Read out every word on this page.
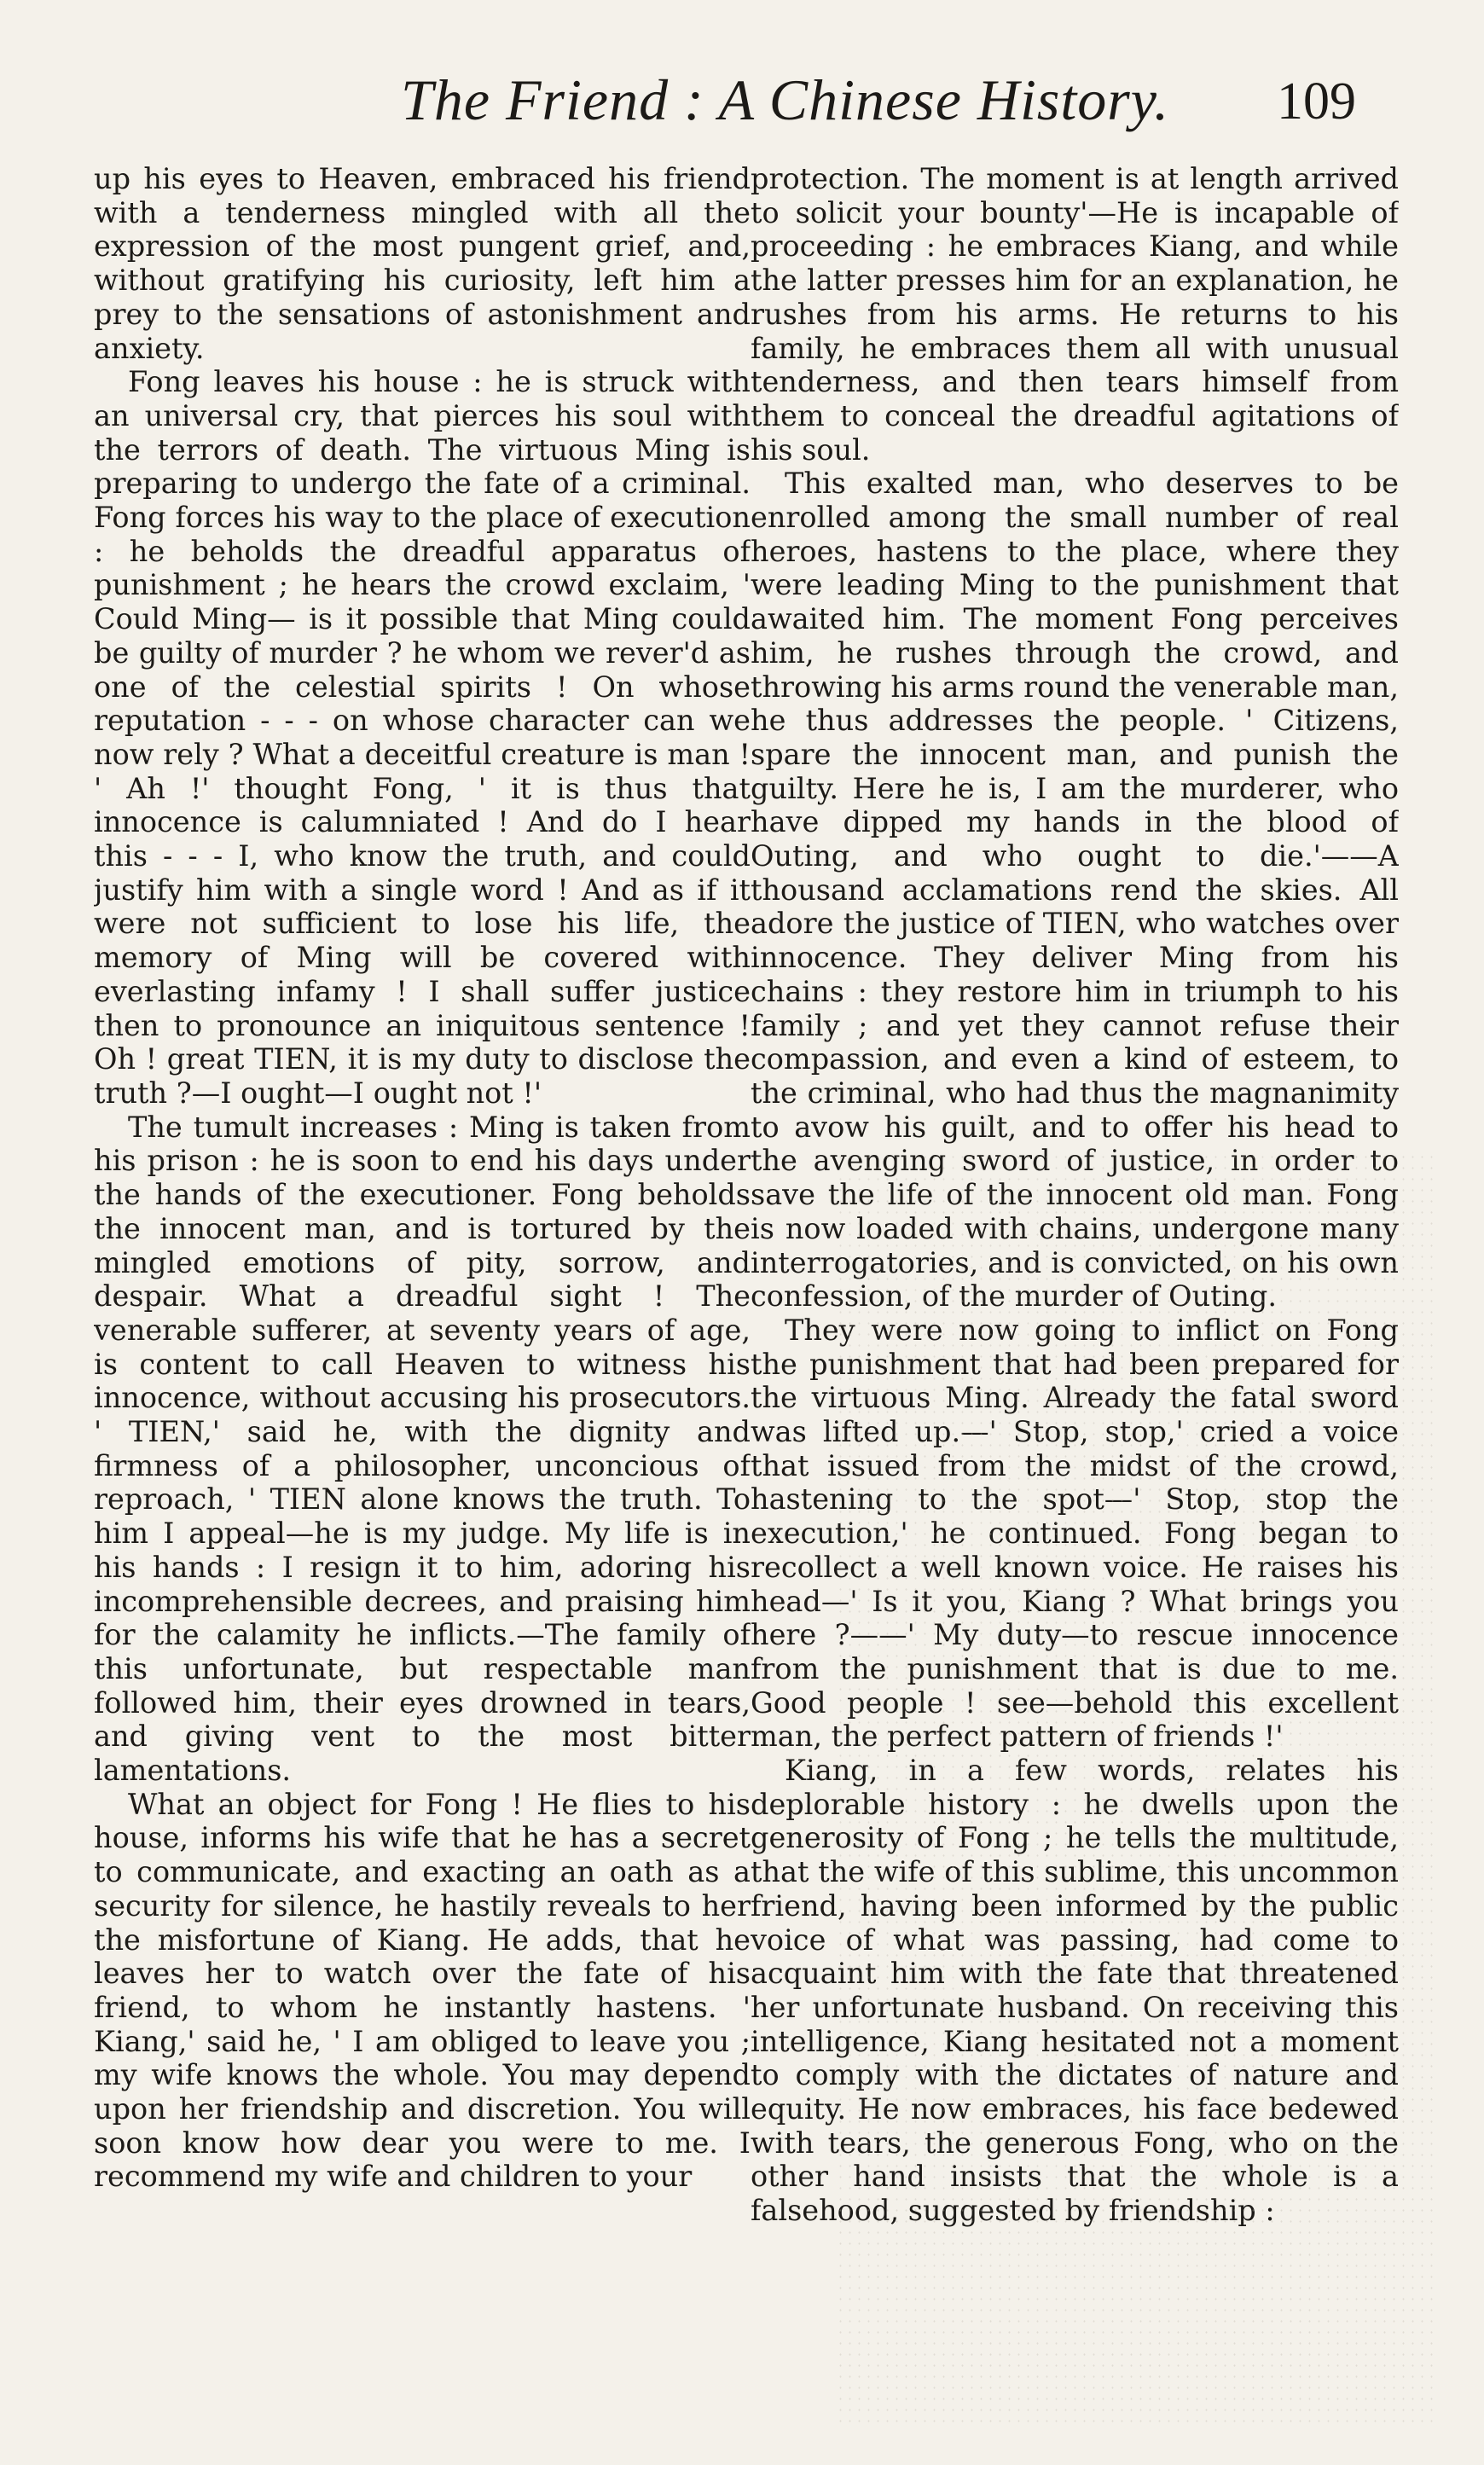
The Friend : A Chinese History. 109

up his eyes to Heaven, embraced his friend with a tenderness mingled with all the expression of the most pungent grief, and, without gratifying his curiosity, left him a prey to the sensations of astonishment and anxiety.

Fong leaves his house : he is struck with an universal cry, that pierces his soul with the terrors of death. The virtuous Ming is preparing to undergo the fate of a criminal. Fong forces his way to the place of execution : he beholds the dreadful apparatus of punishment ; he hears the crowd exclaim, ' Could Ming— is it possible that Ming could be guilty of murder ? he whom we rever'd as one of the celestial spirits ! On whose reputation - - - on whose character can we now rely ? What a deceitful creature is man ! ' Ah !' thought Fong, ' it is thus that innocence is calumniated ! And do I hear this - - - I, who know the truth, and could justify him with a single word ! And as if it were not sufficient to lose his life, the memory of Ming will be covered with everlasting infamy ! I shall suffer justice then to pronounce an iniquitous sentence ! Oh ! great TIEN, it is my duty to disclose the truth ?—I ought—I ought not !'

The tumult increases : Ming is taken from his prison : he is soon to end his days under the hands of the executioner. Fong beholds the innocent man, and is tortured by the mingled emotions of pity, sorrow, and despair. What a dreadful sight ! The venerable sufferer, at seventy years of age, is content to call Heaven to witness his innocence, without accusing his prosecutors. ' TIEN,' said he, with the dignity and firmness of a philosopher, unconcious of reproach, ' TIEN alone knows the truth. To him I appeal—he is my judge. My life is in his hands : I resign it to him, adoring his incomprehensible decrees, and praising him for the calamity he inflicts.—The family of this unfortunate, but respectable man followed him, their eyes drowned in tears, and giving vent to the most bitter lamentations.

What an object for Fong ! He flies to his house, informs his wife that he has a secret to communicate, and exacting an oath as a security for silence, he hastily reveals to her the misfortune of Kiang. He adds, that he leaves her to watch over the fate of his friend, to whom he instantly hastens. ' Kiang,' said he, ' I am obliged to leave you ; my wife knows the whole. You may depend upon her friendship and discretion. You will soon know how dear you were to me. I recommend my wife and children to your

protection. The moment is at length arrived to solicit your bounty'—He is incapable of proceeding : he embraces Kiang, and while the latter presses him for an explanation, he rushes from his arms. He returns to his family, he embraces them all with unusual tenderness, and then tears himself from them to conceal the dreadful agitations of his soul.

This exalted man, who deserves to be enrolled among the small number of real heroes, hastens to the place, where they were leading Ming to the punishment that awaited him. The moment Fong perceives him, he rushes through the crowd, and throwing his arms round the venerable man, he thus addresses the people. ' Citizens, spare the innocent man, and punish the guilty. Here he is, I am the murderer, who have dipped my hands in the blood of Outing, and who ought to die.'——A thousand acclamations rend the skies. All adore the justice of TIEN, who watches over innocence. They deliver Ming from his chains : they restore him in triumph to his family ; and yet they cannot refuse their compassion, and even a kind of esteem, to the criminal, who had thus the magnanimity to avow his guilt, and to offer his head to the avenging sword of justice, in order to save the life of the innocent old man. Fong is now loaded with chains, undergone many interrogatories, and is convicted, on his own confession, of the murder of Outing.

They were now going to inflict on Fong the punishment that had been prepared for the virtuous Ming. Already the fatal sword was lifted up.—' Stop, stop,' cried a voice that issued from the midst of the crowd, hastening to the spot—' Stop, stop the execution,' he continued. Fong began to recollect a well known voice. He raises his head—' Is it you, Kiang ? What brings you here ?——' My duty—to rescue innocence from the punishment that is due to me. Good people ! see—behold this excellent man, the perfect pattern of friends !'

Kiang, in a few words, relates his deplorable history : he dwells upon the generosity of Fong ; he tells the multitude, that the wife of this sublime, this uncommon friend, having been informed by the public voice of what was passing, had come to acquaint him with the fate that threatened her unfortunate husband. On receiving this intelligence, Kiang hesitated not a moment to comply with the dictates of nature and equity. He now embraces, his face bedewed with tears, the generous Fong, who on the other hand insists that the whole is a falsehood, suggested by friendship :
